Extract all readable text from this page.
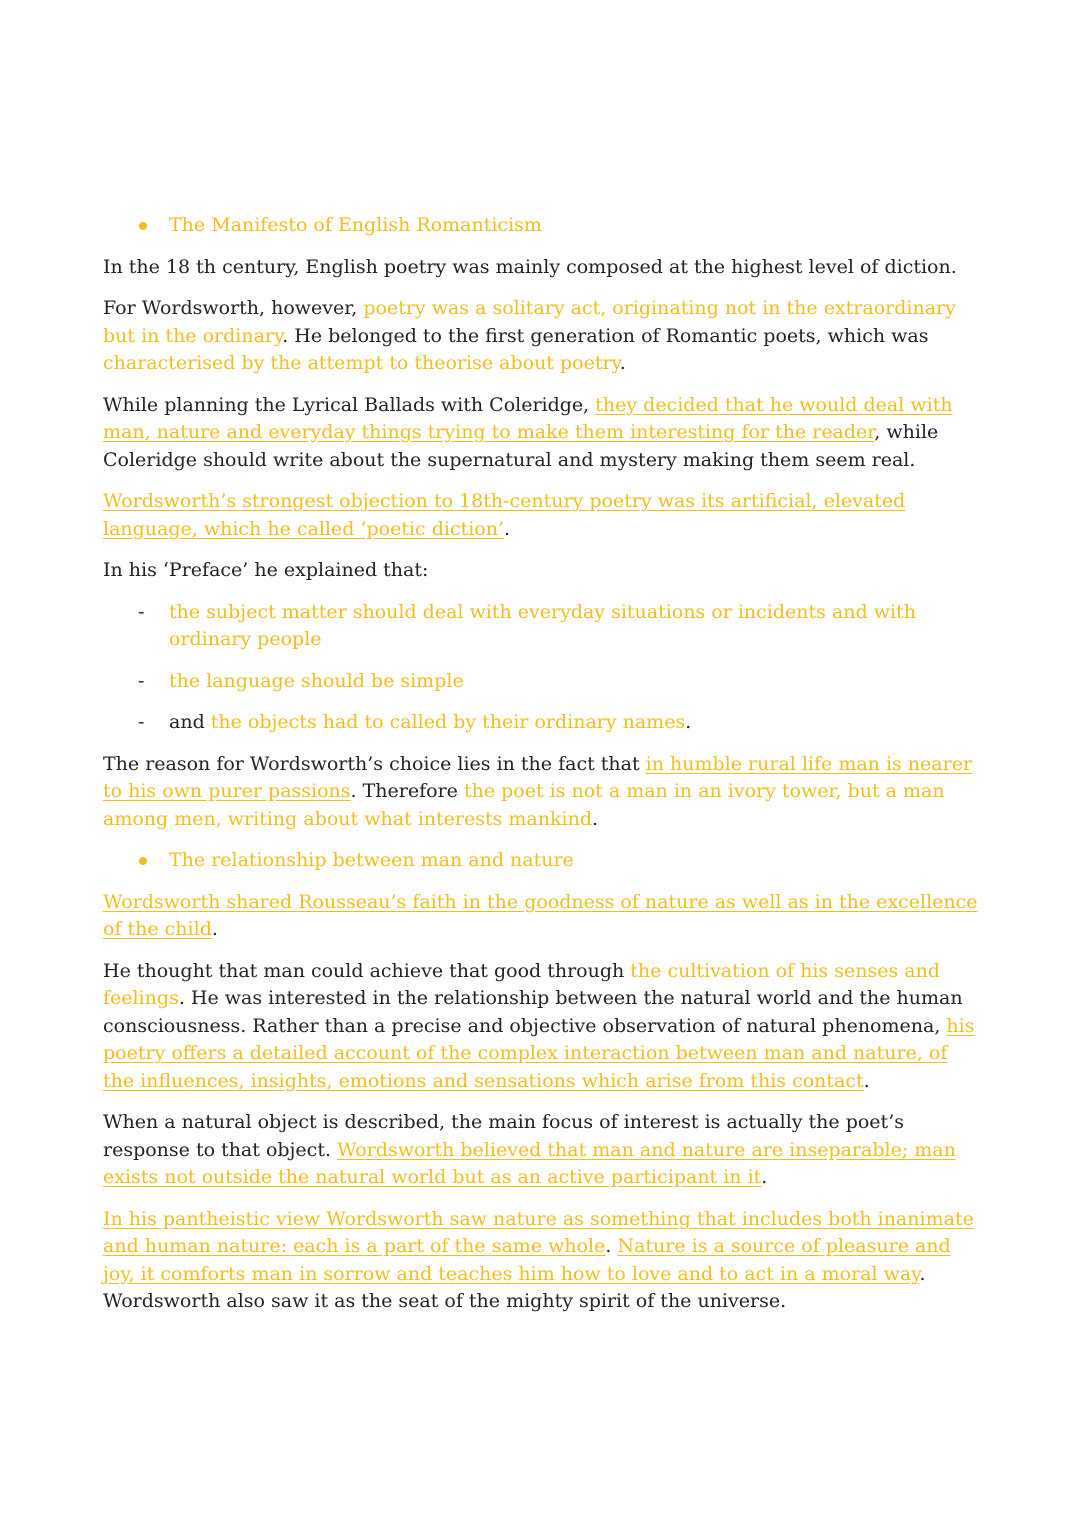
The Manifesto of English Romanticism

In the 18 th century, English poetry was mainly composed at the highest level of diction.

For Wordsworth, however, poetry was a solitary act, originating not in the extraordinary but in the ordinary. He belonged to the first generation of Romantic poets, which was characterised by the attempt to theorise about poetry.

While planning the Lyrical Ballads with Coleridge, they decided that he would deal with man, nature and everyday things trying to make them interesting for the reader, while Coleridge should write about the supernatural and mystery making them seem real.

Wordsworth’s strongest objection to 18th-century poetry was its artificial, elevated language, which he called ‘poetic diction’.

In his ‘Preface’ he explained that:

- the subject matter should deal with everyday situations or incidents and with ordinary people
- the language should be simple
- and the objects had to called by their ordinary names.

The reason for Wordsworth’s choice lies in the fact that in humble rural life man is nearer to his own purer passions. Therefore the poet is not a man in an ivory tower, but a man among men, writing about what interests mankind.

The relationship between man and nature

Wordsworth shared Rousseau’s faith in the goodness of nature as well as in the excellence of the child.

He thought that man could achieve that good through the cultivation of his senses and feelings. He was interested in the relationship between the natural world and the human consciousness. Rather than a precise and objective observation of natural phenomena, his poetry offers a detailed account of the complex interaction between man and nature, of the influences, insights, emotions and sensations which arise from this contact.

When a natural object is described, the main focus of interest is actually the poet’s response to that object. Wordsworth believed that man and nature are inseparable; man exists not outside the natural world but as an active participant in it.

In his pantheistic view Wordsworth saw nature as something that includes both inanimate and human nature: each is a part of the same whole. Nature is a source of pleasure and joy, it comforts man in sorrow and teaches him how to love and to act in a moral way. Wordsworth also saw it as the seat of the mighty spirit of the universe.
